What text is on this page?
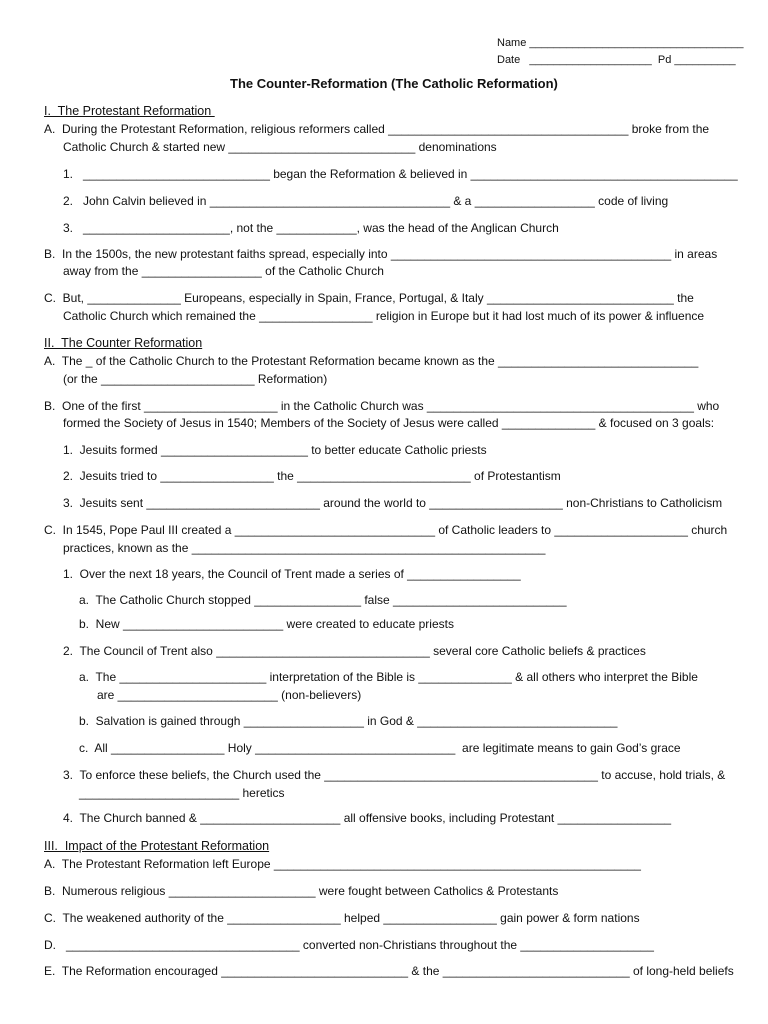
Name ___________________________________
Date   ____________________  Pd __________
The Counter-Reformation (The Catholic Reformation)
I.  The Protestant Reformation
A.  During the Protestant Reformation, religious reformers called ____________________________________ broke from the
Catholic Church & started new ____________________________ denominations
1.   ____________________________ began the Reformation & believed in ________________________________________
2.   John Calvin believed in ____________________________________ & a __________________ code of living
3.   ______________________, not the ____________, was the head of the Anglican Church
B.  In the 1500s, the new protestant faiths spread, especially into __________________________________________ in areas
away from the __________________ of the Catholic Church
C.  But, ______________ Europeans, especially in Spain, France, Portugal, & Italy ____________________________ the
Catholic Church which remained the _________________ religion in Europe but it had lost much of its power & influence
II.  The Counter Reformation
A.  The _ of the Catholic Church to the Protestant Reformation became known as the ______________________________
(or the _______________________ Reformation)
B.  One of the first ____________________ in the Catholic Church was ________________________________________ who
formed the Society of Jesus in 1540; Members of the Society of Jesus were called ______________ & focused on 3 goals:
1.  Jesuits formed ______________________ to better educate Catholic priests
2.  Jesuits tried to _________________ the __________________________ of Protestantism
3.  Jesuits sent __________________________ around the world to ____________________ non-Christians to Catholicism
C.  In 1545, Pope Paul III created a ______________________________ of Catholic leaders to ____________________ church
practices, known as the _____________________________________________________
1.  Over the next 18 years, the Council of Trent made a series of _________________
a.  The Catholic Church stopped ________________ false __________________________
b.  New ________________________ were created to educate priests
2.  The Council of Trent also ________________________________ several core Catholic beliefs & practices
a.  The ______________________ interpretation of the Bible is ______________ & all others who interpret the Bible
are ________________________ (non-believers)
b.  Salvation is gained through __________________ in God & ______________________________
c.  All _________________ Holy ______________________________  are legitimate means to gain God’s grace
3.  To enforce these beliefs, the Church used the _________________________________________ to accuse, hold trials, &
________________________ heretics
4.  The Church banned & _____________________ all offensive books, including Protestant _________________
III.  Impact of the Protestant Reformation
A.  The Protestant Reformation left Europe _______________________________________________________
B.  Numerous religious ______________________ were fought between Catholics & Protestants
C.  The weakened authority of the _________________ helped _________________ gain power & form nations
D.   ___________________________________ converted non-Christians throughout the ____________________
E.  The Reformation encouraged ____________________________ & the ____________________________ of long-held beliefs
